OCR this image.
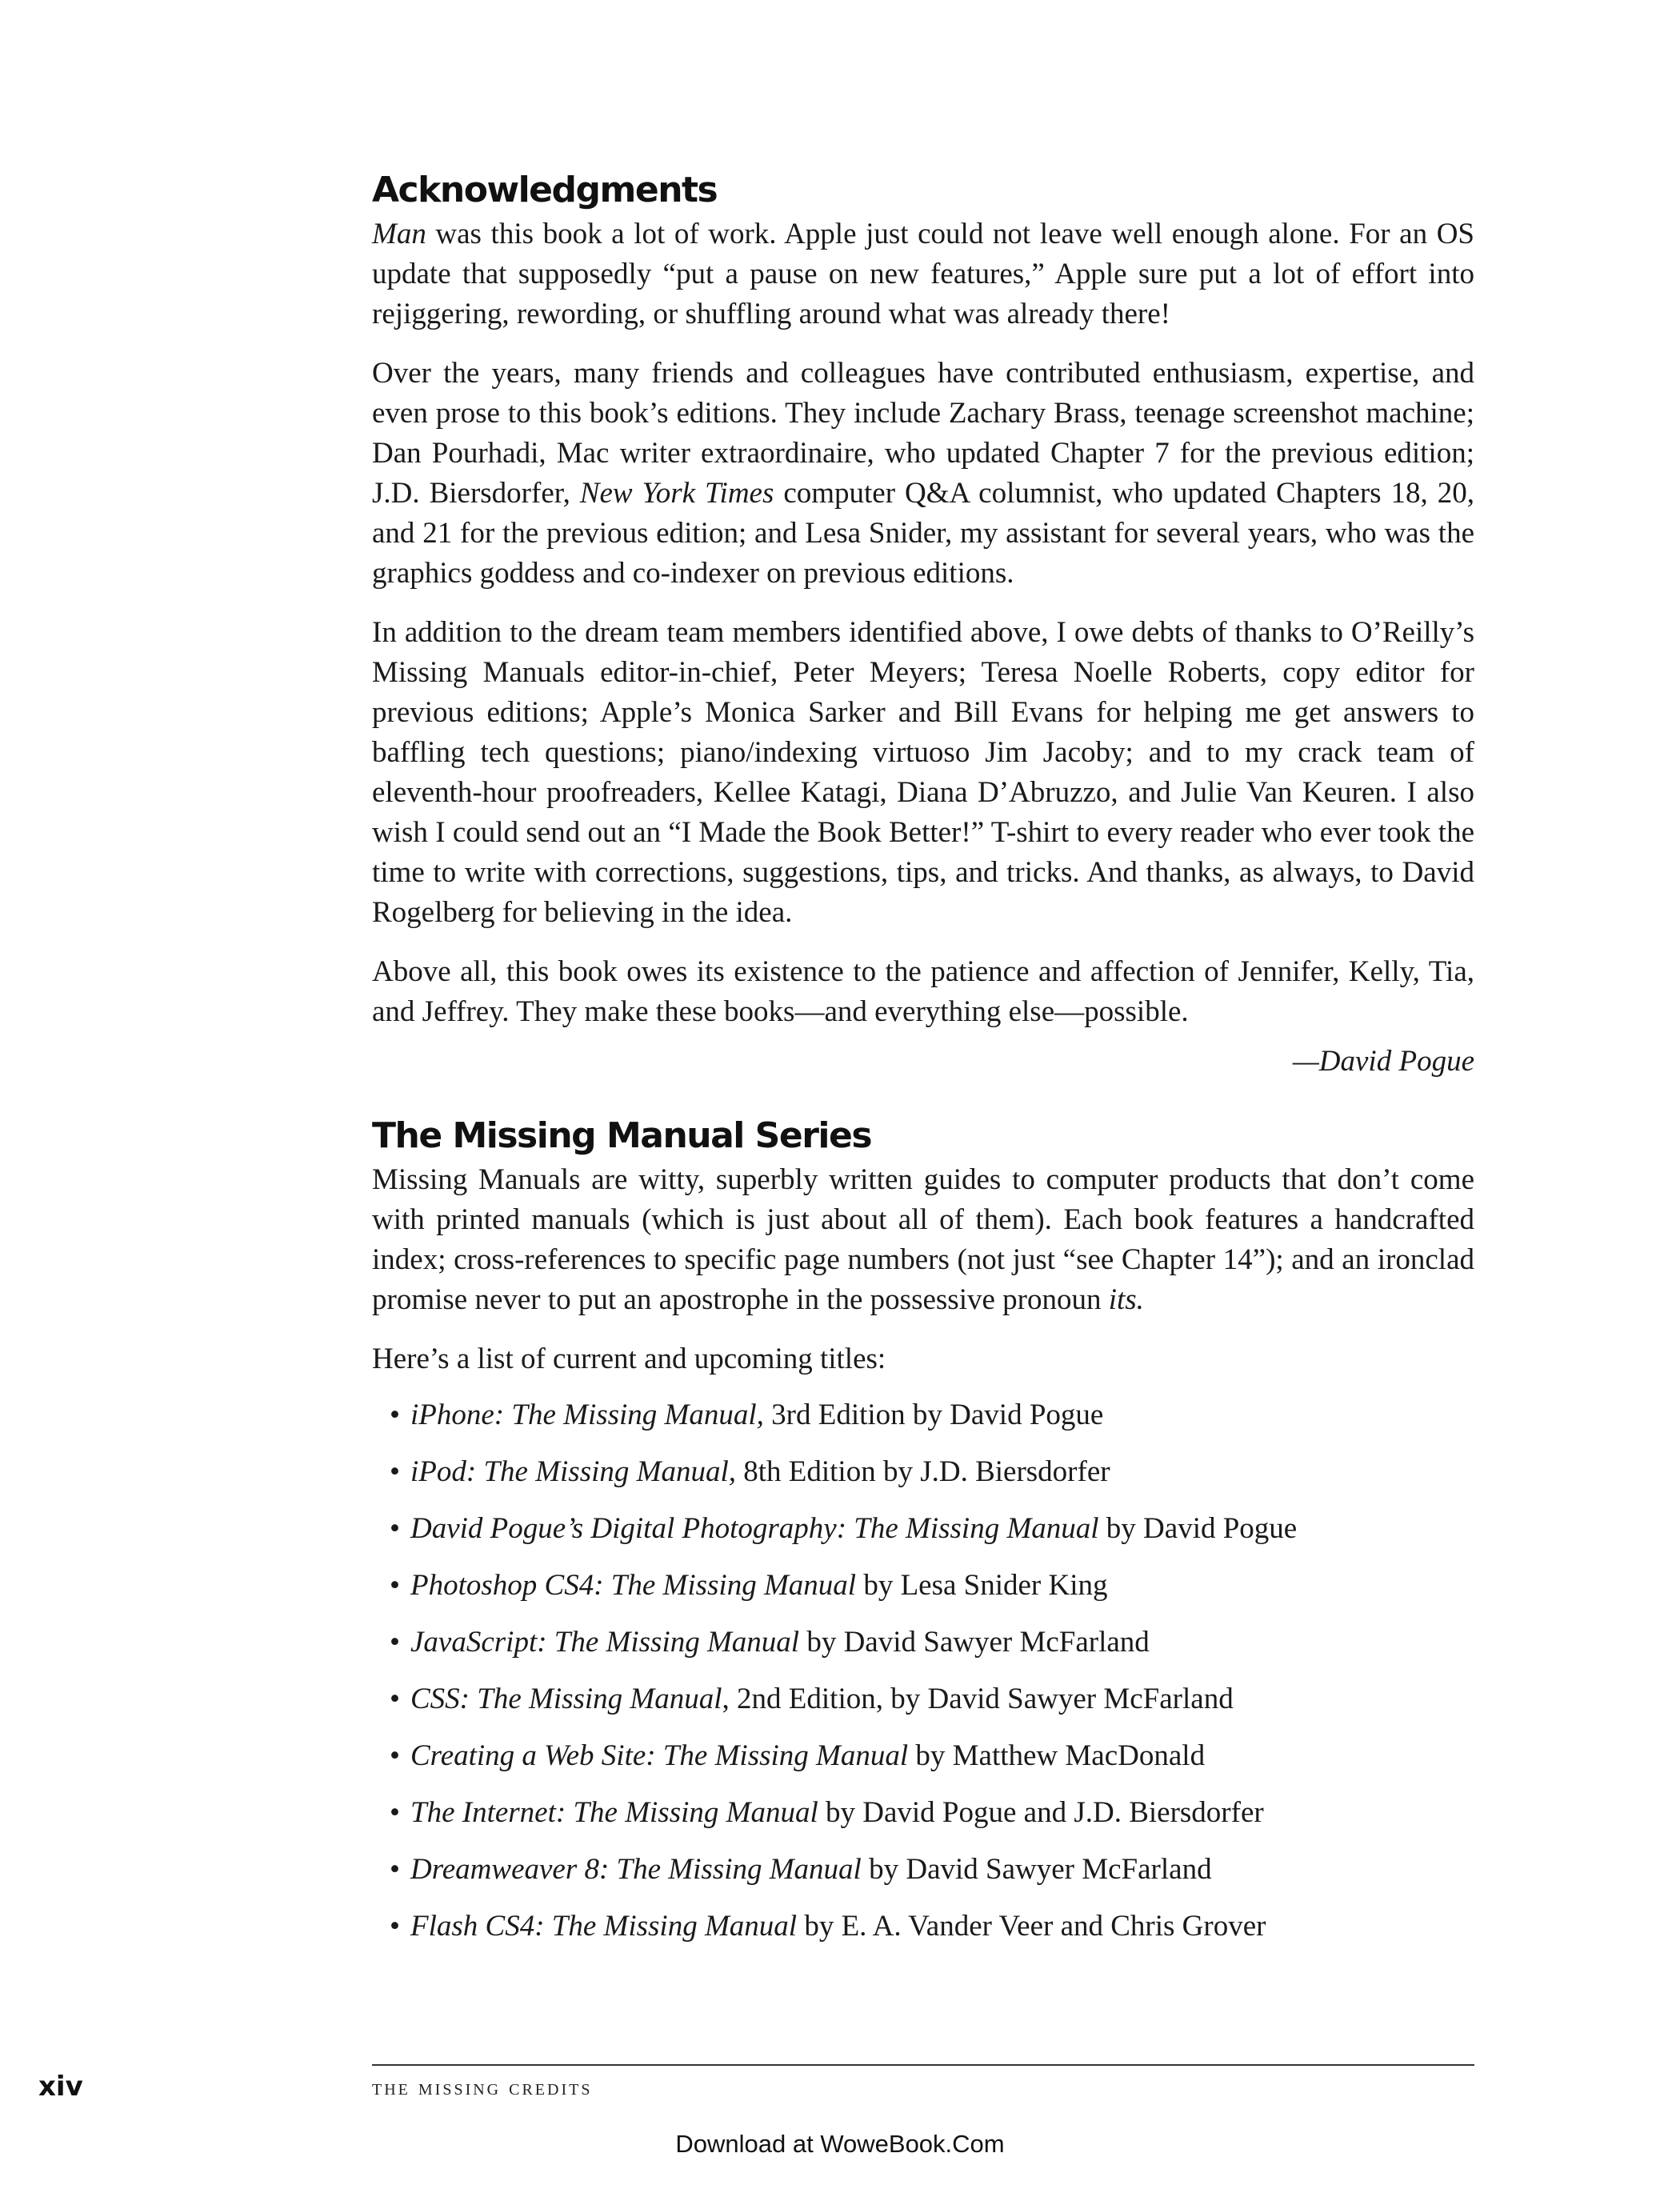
Acknowledgments

Man was this book a lot of work. Apple just could not leave well enough alone. For an OS update that supposedly “put a pause on new features,” Apple sure put a lot of effort into rejiggering, rewording, or shuffling around what was already there!

Over the years, many friends and colleagues have contributed enthusiasm, expertise, and even prose to this book’s editions. They include Zachary Brass, teenage screenshot machine; Dan Pourhadi, Mac writer extraordinaire, who updated Chapter 7 for the previous edition; J.D. Biersdorfer, New York Times computer Q&A columnist, who updated Chapters 18, 20, and 21 for the previous edition; and Lesa Snider, my assistant for several years, who was the graphics goddess and co-indexer on previous editions.

In addition to the dream team members identified above, I owe debts of thanks to O’Reilly’s Missing Manuals editor-in-chief, Peter Meyers; Teresa Noelle Roberts, copy editor for previous editions; Apple’s Monica Sarker and Bill Evans for helping me get answers to baffling tech questions; piano/indexing virtuoso Jim Jacoby; and to my crack team of eleventh-hour proofreaders, Kellee Katagi, Diana D’Abruzzo, and Julie Van Keuren. I also wish I could send out an “I Made the Book Better!” T-shirt to every reader who ever took the time to write with corrections, suggestions, tips, and tricks. And thanks, as always, to David Rogelberg for believing in the idea.

Above all, this book owes its existence to the patience and affection of Jennifer, Kelly, Tia, and Jeffrey. They make these books—and everything else—possible.

—David Pogue

The Missing Manual Series

Missing Manuals are witty, superbly written guides to computer products that don’t come with printed manuals (which is just about all of them). Each book features a handcrafted index; cross-references to specific page numbers (not just “see Chapter 14”); and an ironclad promise never to put an apostrophe in the possessive pronoun its.

Here’s a list of current and upcoming titles:

• iPhone: The Missing Manual, 3rd Edition by David Pogue
• iPod: The Missing Manual, 8th Edition by J.D. Biersdorfer
• David Pogue’s Digital Photography: The Missing Manual by David Pogue
• Photoshop CS4: The Missing Manual by Lesa Snider King
• JavaScript: The Missing Manual by David Sawyer McFarland
• CSS: The Missing Manual, 2nd Edition, by David Sawyer McFarland
• Creating a Web Site: The Missing Manual by Matthew MacDonald
• The Internet: The Missing Manual by David Pogue and J.D. Biersdorfer
• Dreamweaver 8: The Missing Manual by David Sawyer McFarland
• Flash CS4: The Missing Manual by E. A. Vander Veer and Chris Grover
xiv	the missing credits
Download at WoweBook.Com
